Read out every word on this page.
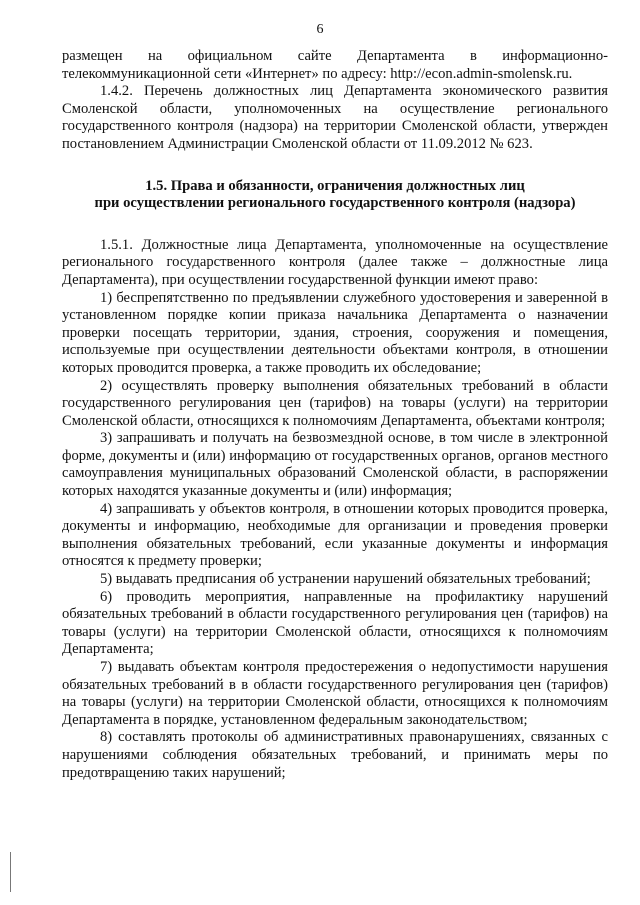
6

размещен на официальном сайте Департамента в информационно-телекоммуникационной сети «Интернет» по адресу: http://econ.admin-smolensk.ru.

1.4.2. Перечень должностных лиц Департамента экономического развития Смоленской области, уполномоченных на осуществление регионального государственного контроля (надзора) на территории Смоленской области, утвержден постановлением Администрации Смоленской области от 11.09.2012 № 623.

1.5. Права и обязанности, ограничения должностных лиц
при осуществлении регионального государственного контроля (надзора)

1.5.1. Должностные лица Департамента, уполномоченные на осуществление регионального государственного контроля (далее также – должностные лица Департамента), при осуществлении государственной функции имеют право:

1) беспрепятственно по предъявлении служебного удостоверения и заверенной в установленном порядке копии приказа начальника Департамента о назначении проверки посещать территории, здания, строения, сооружения и помещения, используемые при осуществлении деятельности объектами контроля, в отношении которых проводится проверка, а также проводить их обследование;

2) осуществлять проверку выполнения обязательных требований в области государственного регулирования цен (тарифов) на товары (услуги) на территории Смоленской области, относящихся к полномочиям Департамента, объектами контроля;

3) запрашивать и получать на безвозмездной основе, в том числе в электронной форме, документы и (или) информацию от государственных органов, органов местного самоуправления муниципальных образований Смоленской области, в распоряжении которых находятся указанные документы и (или) информация;

4) запрашивать у объектов контроля, в отношении которых проводится проверка, документы и информацию, необходимые для организации и проведения проверки выполнения обязательных требований, если указанные документы и информация относятся к предмету проверки;

5) выдавать предписания об устранении нарушений обязательных требований;

6) проводить мероприятия, направленные на профилактику нарушений обязательных требований в области государственного регулирования цен (тарифов) на товары (услуги) на территории Смоленской области, относящихся к полномочиям Департамента;

7) выдавать объектам контроля предостережения о недопустимости нарушения обязательных требований в в области государственного регулирования цен (тарифов) на товары (услуги) на территории Смоленской области, относящихся к полномочиям Департамента в порядке, установленном федеральным законодательством;

8) составлять протоколы об административных правонарушениях, связанных с нарушениями соблюдения обязательных требований, и принимать меры по предотвращению таких нарушений;
